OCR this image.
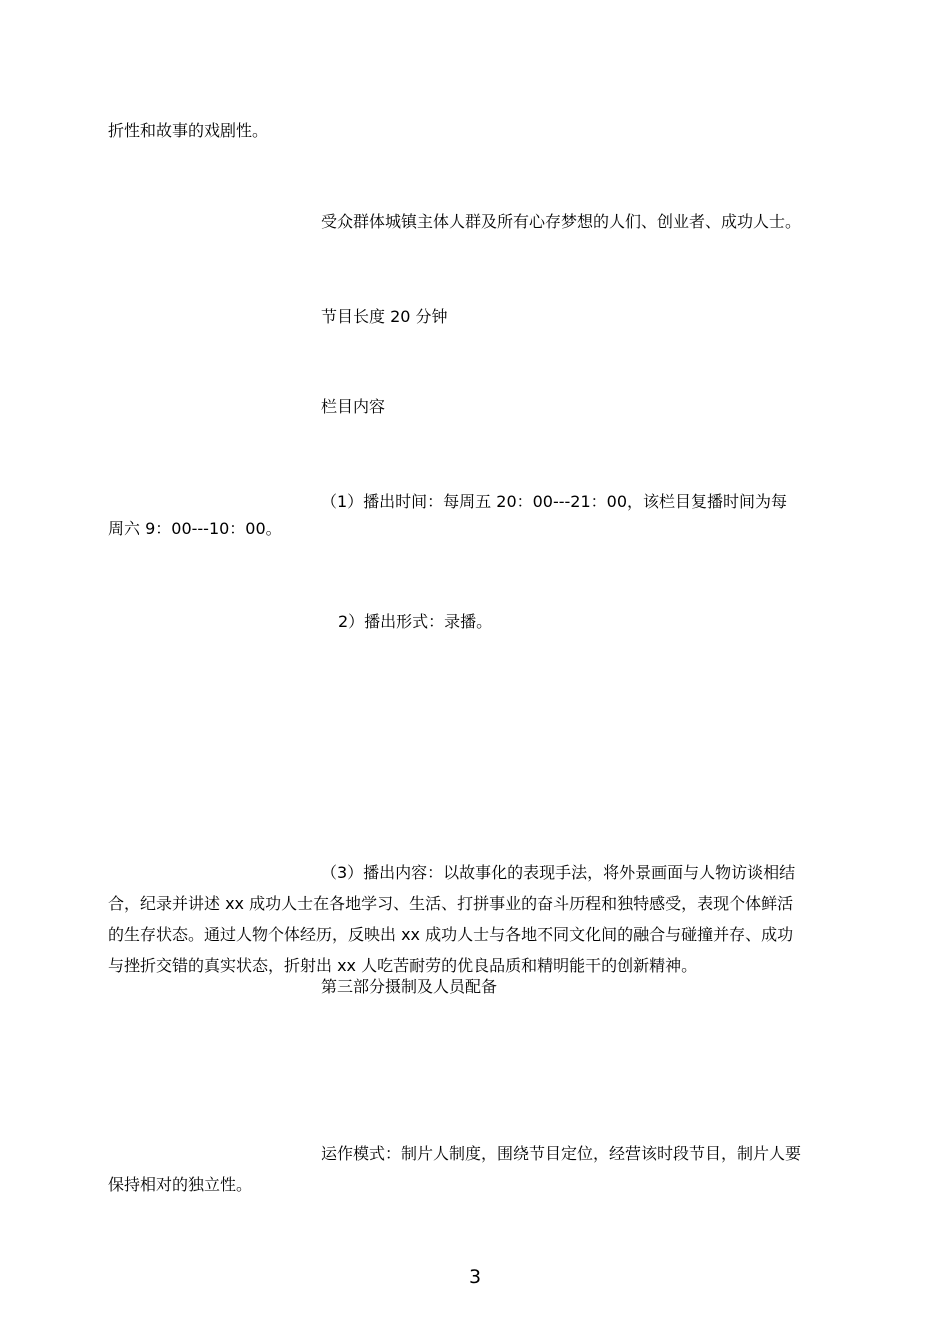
折性和故事的戏剧性。
受众群体城镇主体人群及所有心存梦想的人们、创业者、成功人士。
节目长度 20 分钟
栏目内容
（1）播出时间：每周五 20：00---21：00，该栏目复播时间为每
周六 9：00---10：00。
2）播出形式：录播。
（3）播出内容：以故事化的表现手法，将外景画面与人物访谈相结
合，纪录并讲述 xx 成功人士在各地学习、生活、打拼事业的奋斗历程和独特感受，表现个体鲜活
的生存状态。通过人物个体经历，反映出 xx 成功人士与各地不同文化间的融合与碰撞并存、成功
与挫折交错的真实状态，折射出 xx 人吃苦耐劳的优良品质和精明能干的创新精神。
第三部分摄制及人员配备
运作模式：制片人制度，围绕节目定位，经营该时段节目，制片人要
保持相对的独立性。
3
